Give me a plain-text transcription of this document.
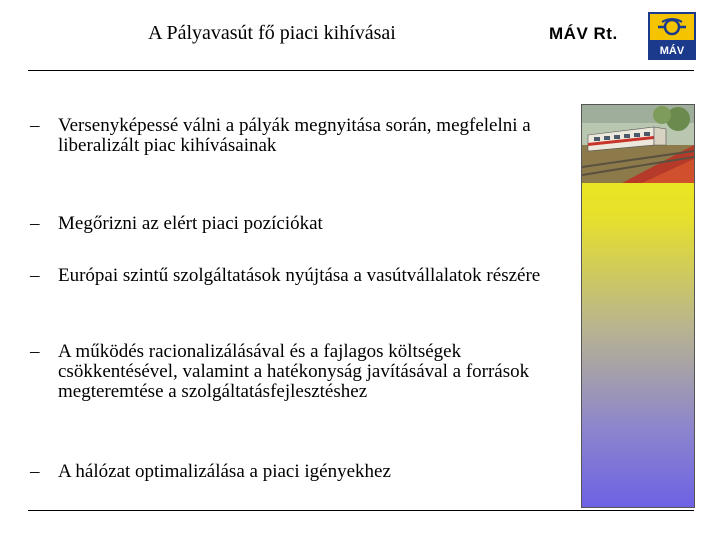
A Pályavasút fő piaci kihívásai	MÁV Rt.
MÁV
– Versenyképessé válni a pályák megnyitása során, megfelelni a liberalizált piac kihívásainak
– Megőrizni az elért piaci pozíciókat
– Európai szintű szolgáltatások nyújtása a vasútvállalatok részére
– A működés racionalizálásával és a fajlagos költségek csökkentésével, valamint a hatékonyság javításával a források megteremtése a szolgáltatásfejlesztéshez
– A hálózat optimalizálása a piaci igényekhez
